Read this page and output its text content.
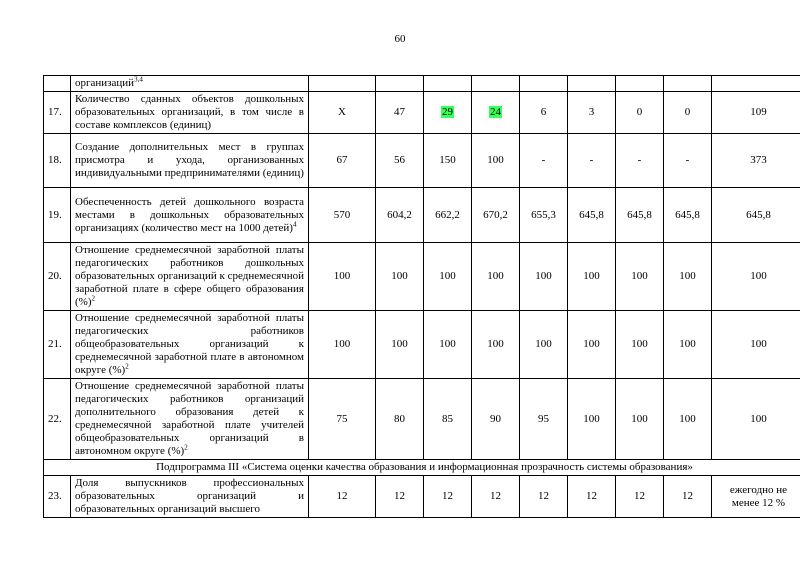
60
	организаций$^{3,4}$									
17.	Количество сданных объектов дошкольных образовательных организаций, в том числе в составе комплексов (единиц)	Х	47	29	24	6	3	0	0	109
18.	Создание дополнительных мест в группах присмотра и ухода, организованных индивидуальными предпринимателями (единиц)	67	56	150	100	-	-	-	-	373
19.	Обеспеченность детей дошкольного возраста местами в дошкольных образовательных организациях (количество мест на 1000 детей)$^4$	570	604,2	662,2	670,2	655,3	645,8	645,8	645,8	645,8
20.	Отношение среднемесячной заработной платы педагогических работников дошкольных образовательных организаций к среднемесячной заработной плате в сфере общего образования (%)$^2$	100	100	100	100	100	100	100	100	100
21.	Отношение среднемесячной заработной платы педагогических работников общеобразовательных организаций к среднемесячной заработной плате в автономном округе (%)$^2$	100	100	100	100	100	100	100	100	100
22.	Отношение среднемесячной заработной платы педагогических работников организаций дополнительного образования детей к среднемесячной заработной плате учителей общеобразовательных организаций в автономном округе (%)$^2$	75	80	85	90	95	100	100	100	100
Подпрограмма III «Система оценки качества образования и информационная прозрачность системы образования»										
23.	Доля выпускников профессиональных образовательных организаций и образовательных организаций высшего	12	12	12	12	12	12	12	12	ежегодно не менее 12 %
